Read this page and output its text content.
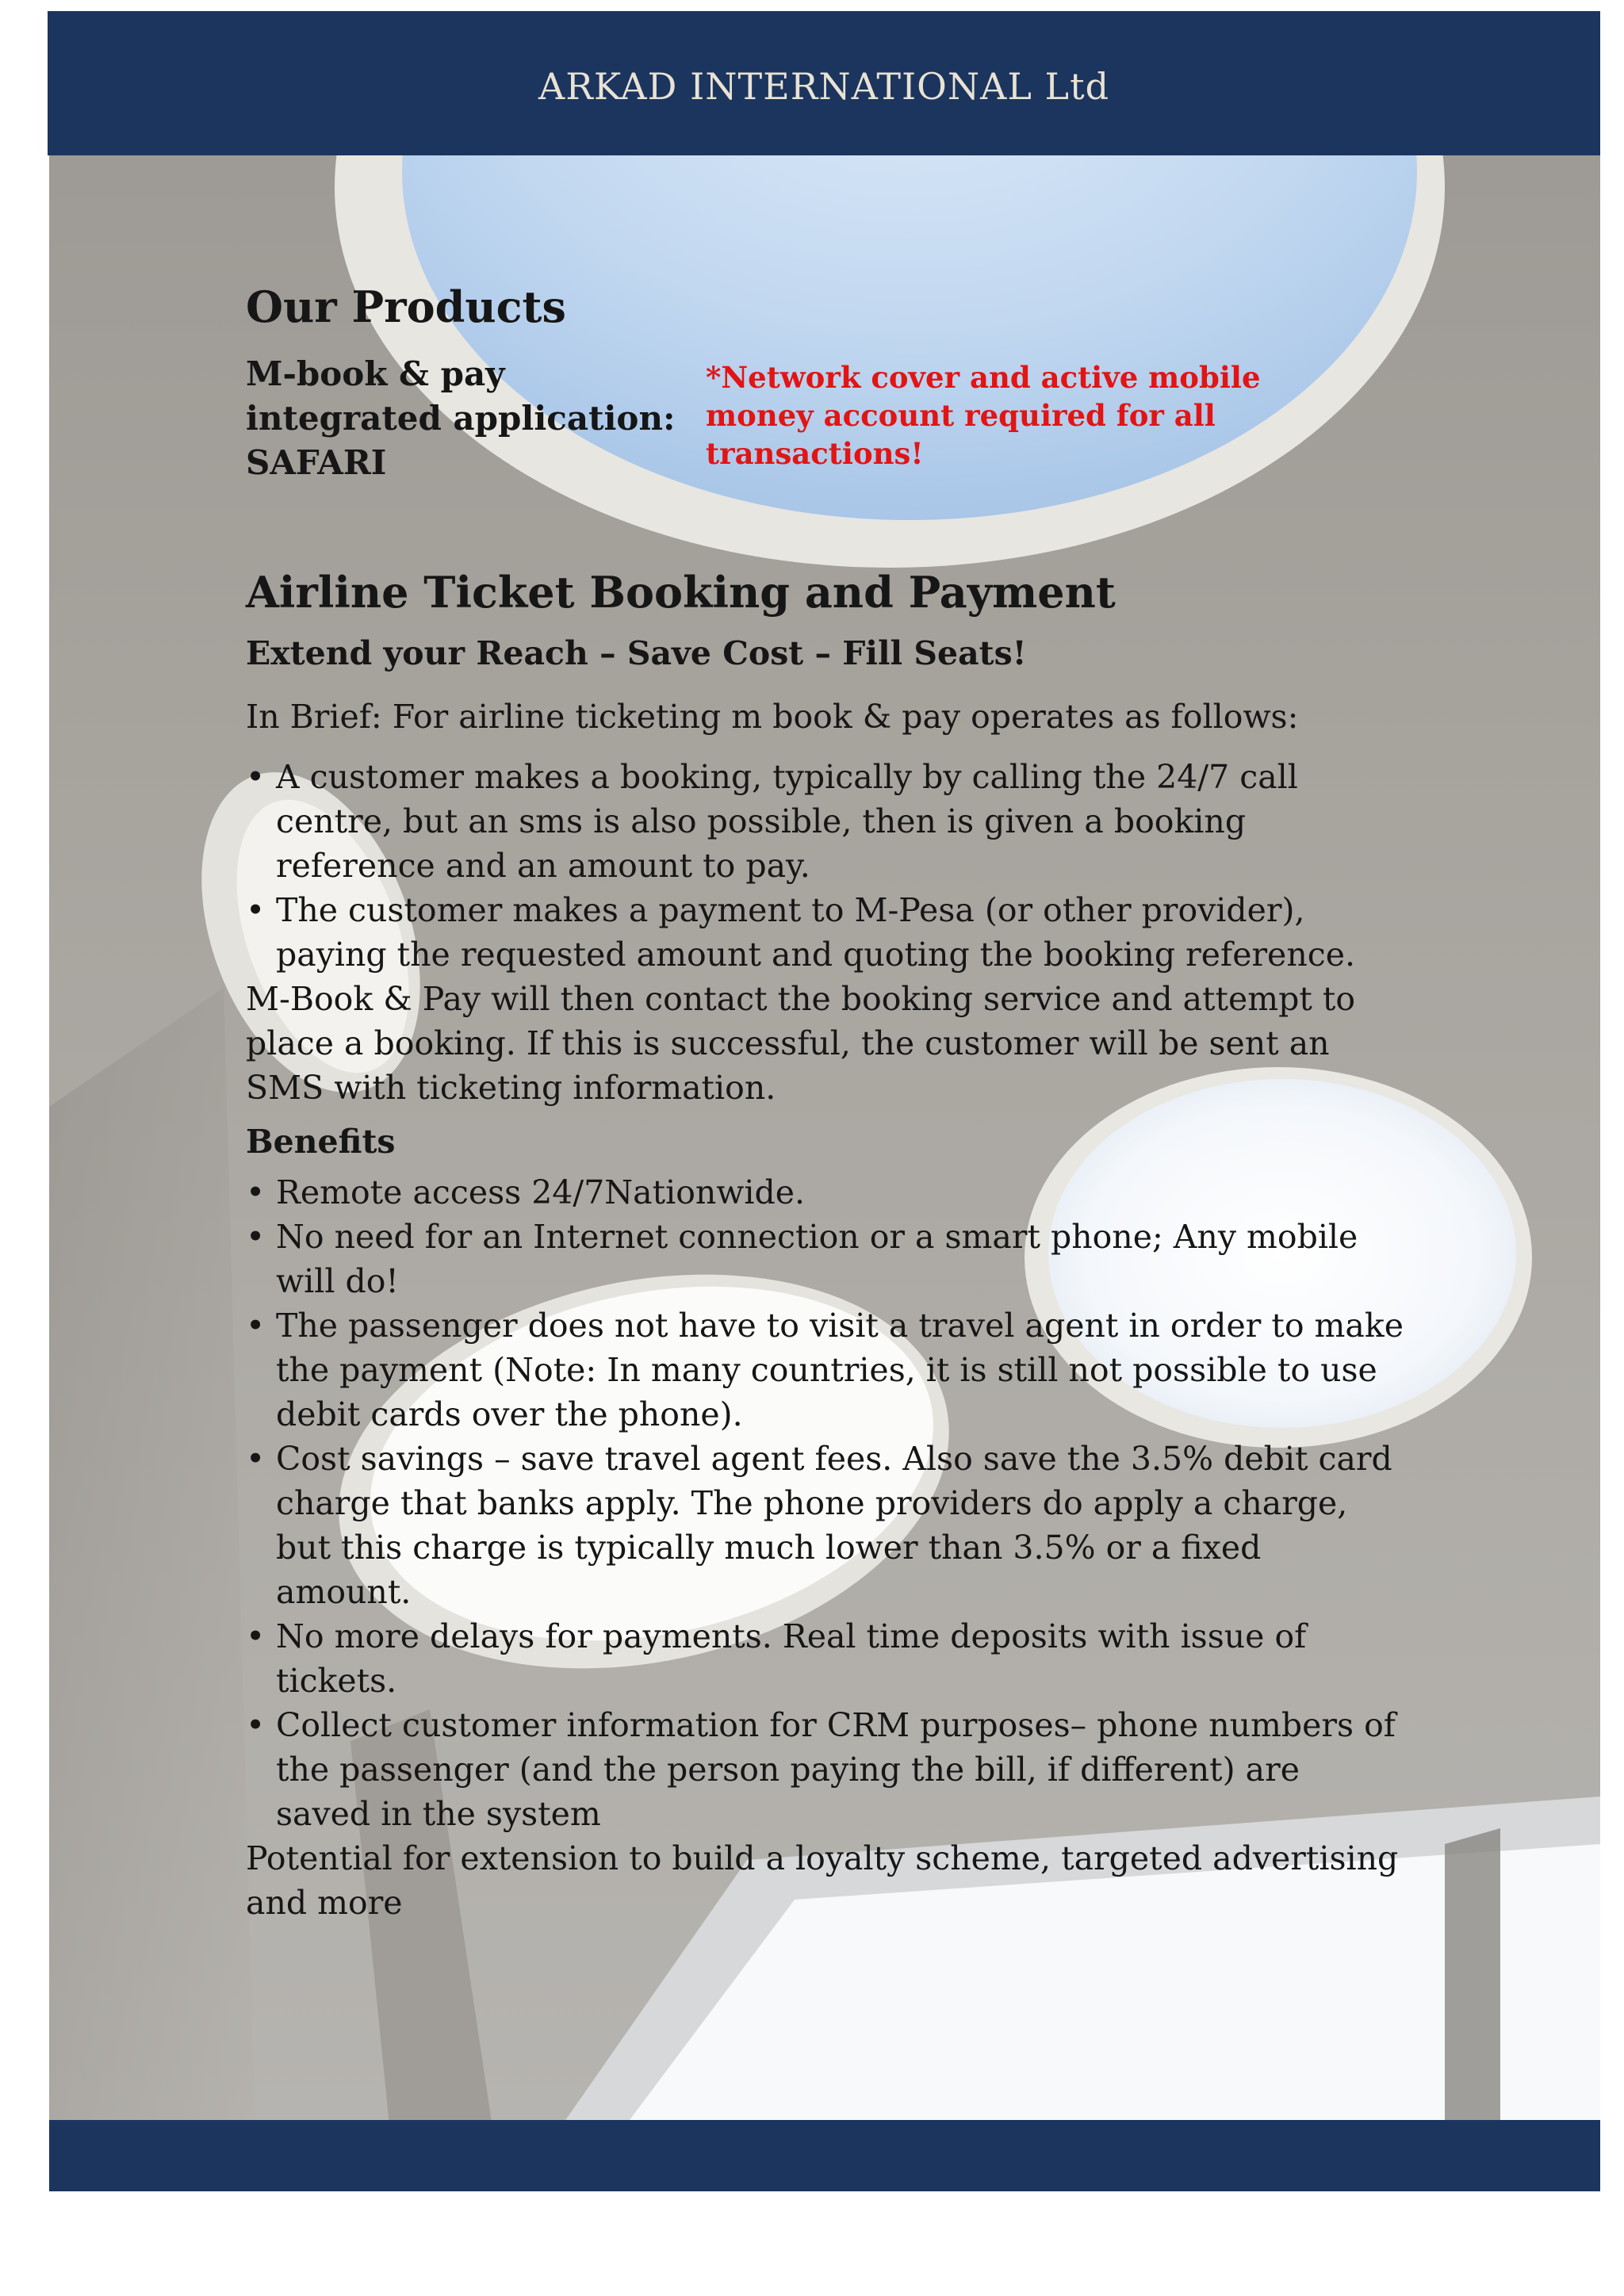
ARKAD INTERNATIONAL Ltd
Our Products
M-book & pay
integrated application:
SAFARI
*Network cover and active mobile
money account required for all
transactions!
Airline Ticket Booking and Payment
Extend your Reach – Save Cost – Fill Seats!
In Brief: For airline ticketing m book & pay operates as follows:
• A customer makes a booking, typically by calling the 24/7 call
centre, but an sms is also possible, then is given a booking
reference and an amount to pay.
• The customer makes a payment to M-Pesa (or other provider),
paying the requested amount and quoting the booking reference.
M-Book & Pay will then contact the booking service and attempt to
place a booking. If this is successful, the customer will be sent an
SMS with ticketing information.
Benefits
• Remote access 24/7Nationwide.
• No need for an Internet connection or a smart phone; Any mobile
will do!
• The passenger does not have to visit a travel agent in order to make
the payment (Note: In many countries, it is still not possible to use
debit cards over the phone).
• Cost savings – save travel agent fees. Also save the 3.5% debit card
charge that banks apply. The phone providers do apply a charge,
but this charge is typically much lower than 3.5% or a fixed
amount.
• No more delays for payments. Real time deposits with issue of
tickets.
• Collect customer information for CRM purposes– phone numbers of
the passenger (and the person paying the bill, if different) are
saved in the system
Potential for extension to build a loyalty scheme, targeted advertising
and more
